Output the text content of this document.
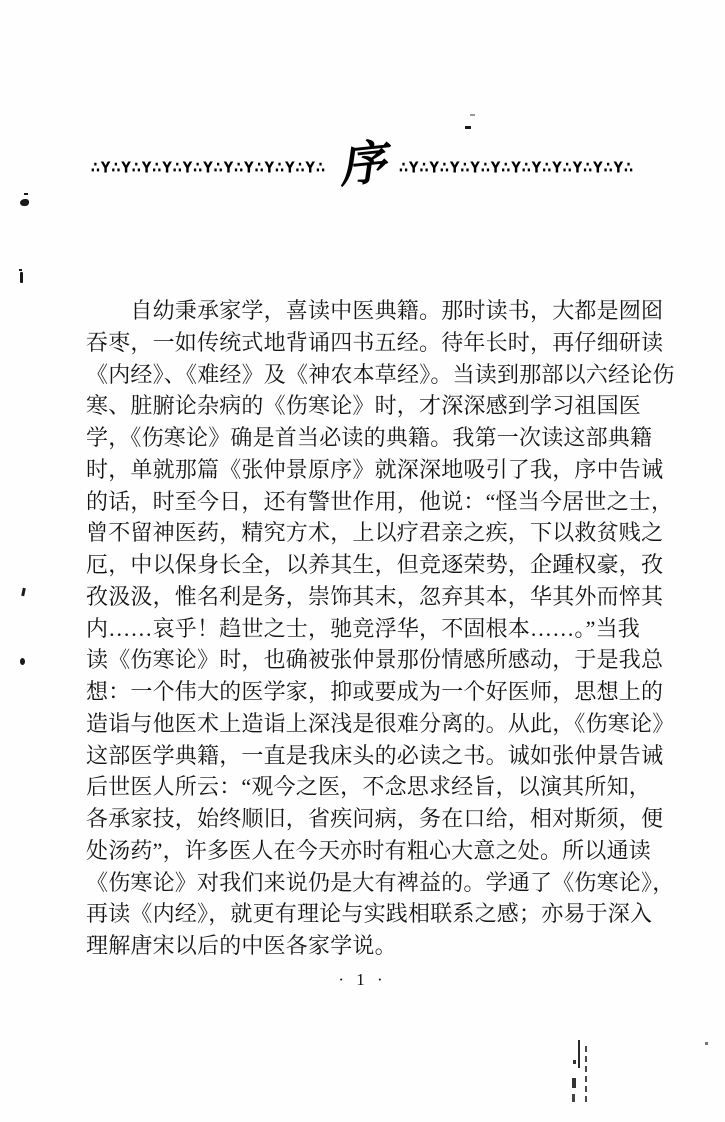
∴Y∴Y∴Y∴Y∴Y∴Y∴Y∴Y∴Y∴Y∴Y∴ 序 ∴Y∴Y∴Y∴Y∴Y∴Y∴Y∴Y∴Y∴Y∴Y∴
　　自幼秉承家学，喜读中医典籍。那时读书，大都是囫囵
吞枣，一如传统式地背诵四书五经。待年长时，再仔细研读
《内经》、《难经》及《神农本草经》。当读到那部以六经论伤
寒、脏腑论杂病的《伤寒论》时，才深深感到学习祖国医
学，《伤寒论》确是首当必读的典籍。我第一次读这部典籍
时，单就那篇《张仲景原序》就深深地吸引了我，序中告诫
的话，时至今日，还有警世作用，他说：“怪当今居世之士，
曾不留神医药，精究方术，上以疗君亲之疾，下以救贫贱之
厄，中以保身长全，以养其生，但竞逐荣势，企踵权豪，孜
孜汲汲，惟名利是务，崇饰其末，忽弃其本，华其外而悴其
内……哀乎！趋世之士，驰竞浮华，不固根本……。”当我
读《伤寒论》时，也确被张仲景那份情感所感动，于是我总
想：一个伟大的医学家，抑或要成为一个好医师，思想上的
造诣与他医术上造诣上深浅是很难分离的。从此，《伤寒论》
这部医学典籍，一直是我床头的必读之书。诚如张仲景告诫
后世医人所云：“观今之医，不念思求经旨，以演其所知，
各承家技，始终顺旧，省疾问病，务在口给，相对斯须，便
处汤药”，许多医人在今天亦时有粗心大意之处。所以通读
《伤寒论》对我们来说仍是大有裨益的。学通了《伤寒论》，
再读《内经》，就更有理论与实践相联系之感；亦易于深入
理解唐宋以后的中医各家学说。
· 1 ·
